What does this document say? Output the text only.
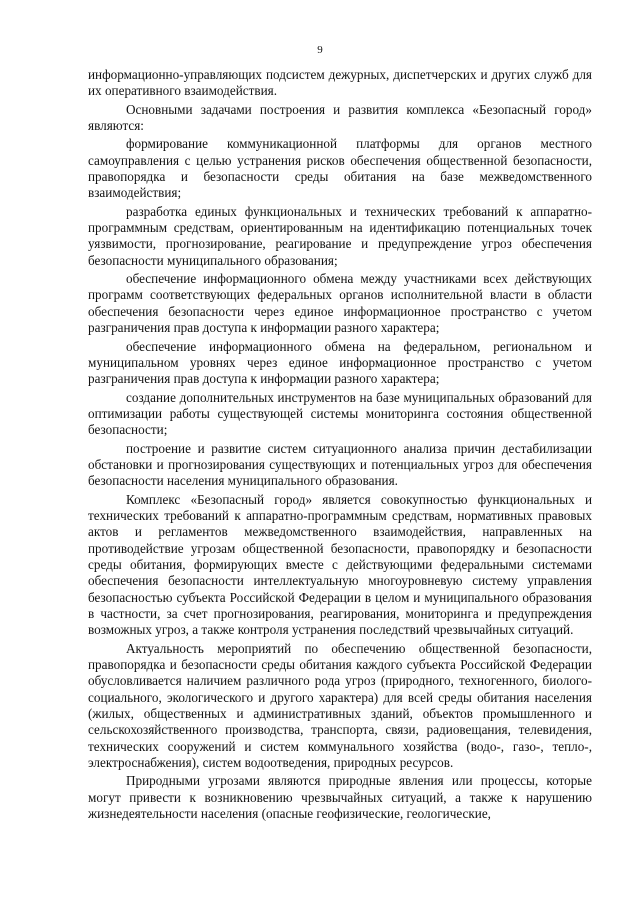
9

информационно-управляющих подсистем дежурных, диспетчерских и других служб для их оперативного взаимодействия.

Основными задачами построения и развития комплекса «Безопасный город» являются:

формирование коммуникационной платформы для органов местного самоуправления с целью устранения рисков обеспечения общественной безопасности, правопорядка и безопасности среды обитания на базе межведомственного взаимодействия;

разработка единых функциональных и технических требований к аппаратно-программным средствам, ориентированным на идентификацию потенциальных точек уязвимости, прогнозирование, реагирование и предупреждение угроз обеспечения безопасности муниципального образования;

обеспечение информационного обмена между участниками всех действующих программ соответствующих федеральных органов исполнительной власти в области обеспечения безопасности через единое информационное пространство с учетом разграничения прав доступа к информации разного характера;

обеспечение информационного обмена на федеральном, региональном и муниципальном уровнях через единое информационное пространство с учетом разграничения прав доступа к информации разного характера;

создание дополнительных инструментов на базе муниципальных образований для оптимизации работы существующей системы мониторинга состояния общественной безопасности;

построение и развитие систем ситуационного анализа причин дестабилизации обстановки и прогнозирования существующих и потенциальных угроз для обеспечения безопасности населения муниципального образования.

Комплекс «Безопасный город» является совокупностью функциональных и технических требований к аппаратно-программным средствам, нормативных правовых актов и регламентов межведомственного взаимодействия, направленных на противодействие угрозам общественной безопасности, правопорядку и безопасности среды обитания, формирующих вместе с действующими федеральными системами обеспечения безопасности интеллектуальную многоуровневую систему управления безопасностью субъекта Российской Федерации в целом и муниципального образования в частности, за счет прогнозирования, реагирования, мониторинга и предупреждения возможных угроз, а также контроля устранения последствий чрезвычайных ситуаций.

Актуальность мероприятий по обеспечению общественной безопасности, правопорядка и безопасности среды обитания каждого субъекта Российской Федерации обусловливается наличием различного рода угроз (природного, техногенного, биолого-социального, экологического и другого характера) для всей среды обитания населения (жилых, общественных и административных зданий, объектов промышленного и сельскохозяйственного производства, транспорта, связи, радиовещания, телевидения, технических сооружений и систем коммунального хозяйства (водо-, газо-, тепло-, электроснабжения), систем водоотведения, природных ресурсов.

Природными угрозами являются природные явления или процессы, которые могут привести к возникновению чрезвычайных ситуаций, а также к нарушению жизнедеятельности населения (опасные геофизические, геологические,
